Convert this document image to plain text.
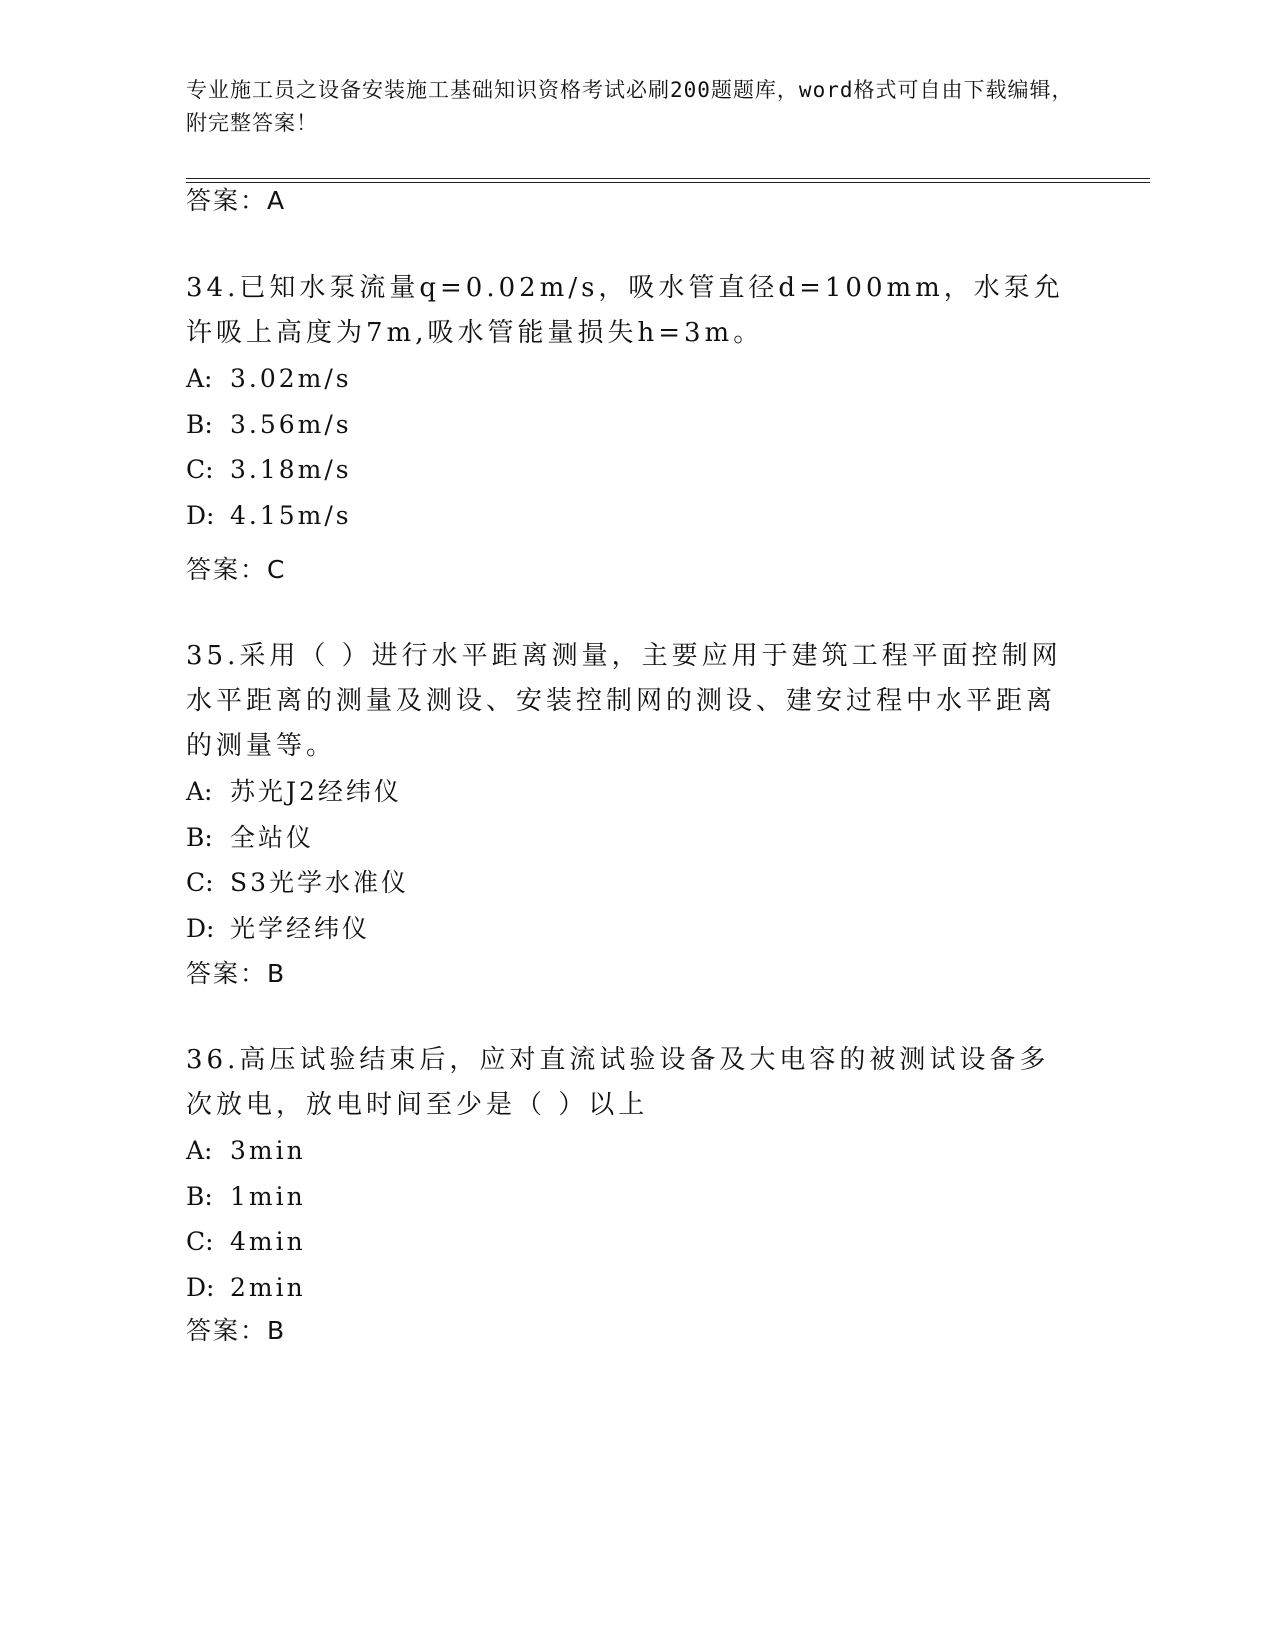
专业施工员之设备安装施工基础知识资格考试必刷200题题库，word格式可自由下载编辑，附完整答案！
答案：A
34.已知水泵流量q=0.02m/s，吸水管直径d=100mm，水泵允许吸上高度为7m,吸水管能量损失h=3m。
A: 3.02m/s
B: 3.56m/s
C: 3.18m/s
D: 4.15m/s
答案：C
35.采用（ ）进行水平距离测量，主要应用于建筑工程平面控制网水平距离的测量及测设、安装控制网的测设、建安过程中水平距离的测量等。
A: 苏光J2经纬仪
B: 全站仪
C: S3光学水准仪
D: 光学经纬仪
答案：B
36.高压试验结束后，应对直流试验设备及大电容的被测试设备多次放电，放电时间至少是（ ）以上
A: 3min
B: 1min
C: 4min
D: 2min
答案：B
